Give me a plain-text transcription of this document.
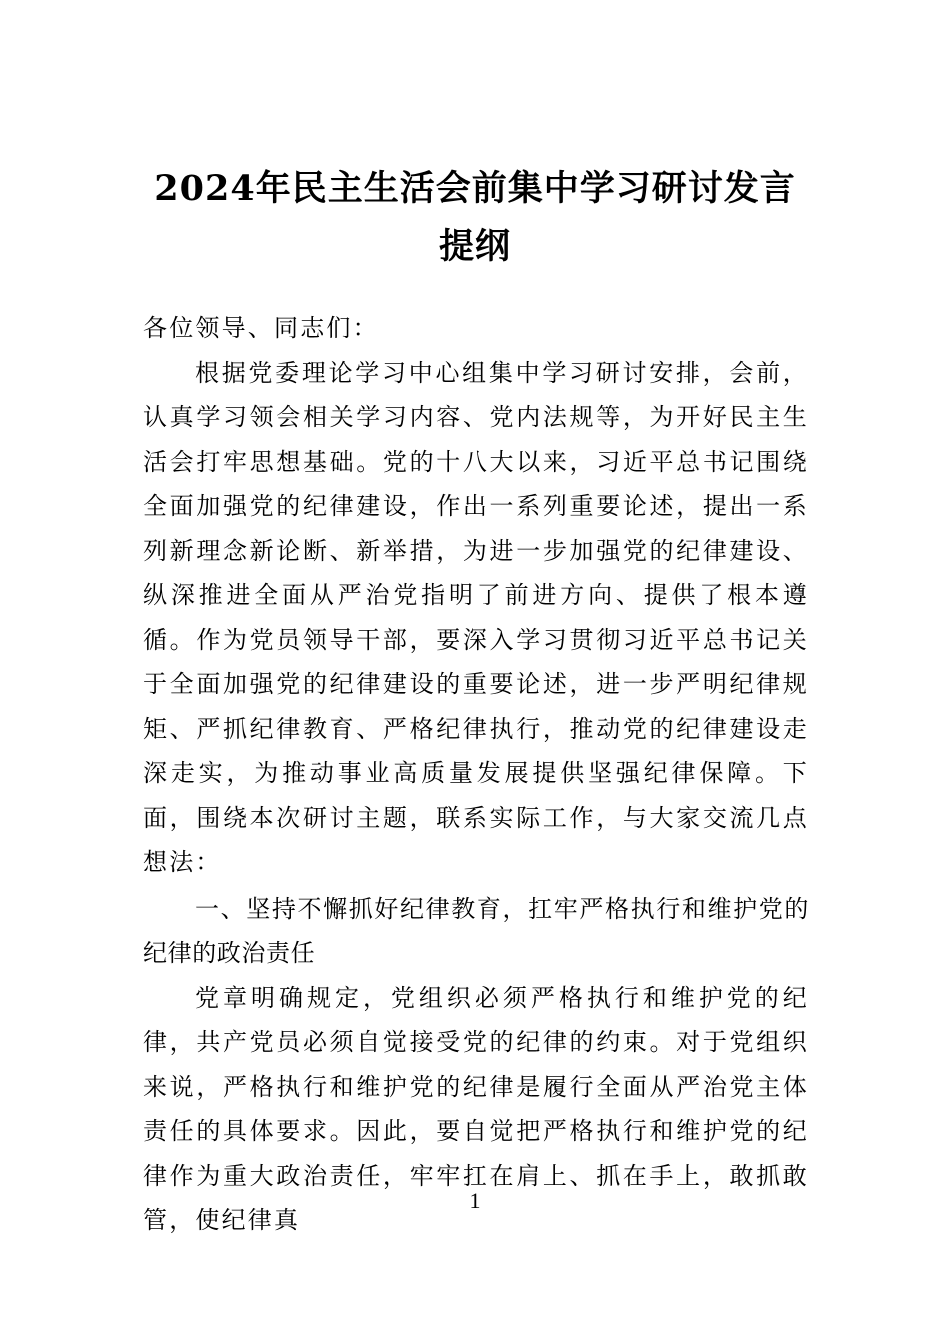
2024年民主生活会前集中学习研讨发言提纲

各位领导、同志们：

根据党委理论学习中心组集中学习研讨安排，会前，认真学习领会相关学习内容、党内法规等，为开好民主生活会打牢思想基础。党的十八大以来，习近平总书记围绕全面加强党的纪律建设，作出一系列重要论述，提出一系列新理念新论断、新举措，为进一步加强党的纪律建设、纵深推进全面从严治党指明了前进方向、提供了根本遵循。作为党员领导干部，要深入学习贯彻习近平总书记关于全面加强党的纪律建设的重要论述，进一步严明纪律规矩、严抓纪律教育、严格纪律执行，推动党的纪律建设走深走实，为推动事业高质量发展提供坚强纪律保障。下面，围绕本次研讨主题，联系实际工作，与大家交流几点想法：

一、坚持不懈抓好纪律教育，扛牢严格执行和维护党的纪律的政治责任

党章明确规定，党组织必须严格执行和维护党的纪律，共产党员必须自觉接受党的纪律的约束。对于党组织来说，严格执行和维护党的纪律是履行全面从严治党主体责任的具体要求。因此，要自觉把严格执行和维护党的纪律作为重大政治责任，牢牢扛在肩上、抓在手上，敢抓敢管，使纪律真

1
